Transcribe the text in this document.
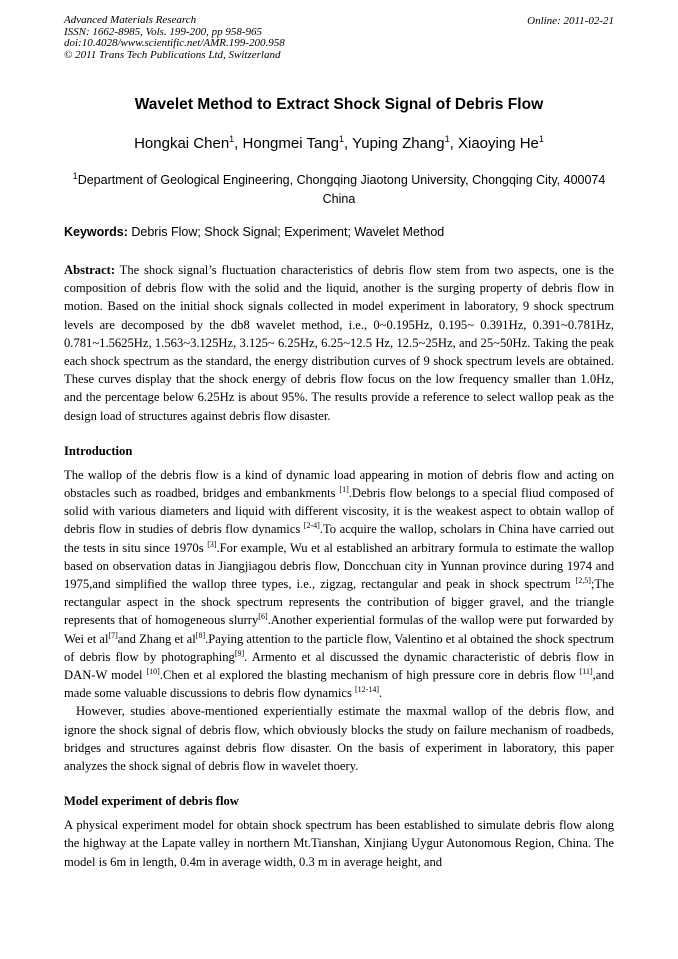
Advanced Materials Research
ISSN: 1662-8985, Vols. 199-200, pp 958-965
doi:10.4028/www.scientific.net/AMR.199-200.958
© 2011 Trans Tech Publications Ltd, Switzerland
Online: 2011-02-21
Wavelet Method to Extract Shock Signal of Debris Flow
Hongkai Chen$^1$, Hongmei Tang$^1$, Yuping Zhang$^1$, Xiaoying He$^1$
$^1$Department of Geological Engineering, Chongqing Jiaotong University, Chongqing City, 400074 China
Keywords: Debris Flow; Shock Signal; Experiment; Wavelet Method

Abstract: The shock signal’s fluctuation characteristics of debris flow stem from two aspects, one is the composition of debris flow with the solid and the liquid, another is the surging property of debris flow in motion. Based on the initial shock signals collected in model experiment in laboratory, 9 shock spectrum levels are decomposed by the db8 wavelet method, i.e., 0~0.195Hz, 0.195~ 0.391Hz, 0.391~0.781Hz, 0.781~1.5625Hz, 1.563~3.125Hz, 3.125~ 6.25Hz, 6.25~12.5 Hz, 12.5~25Hz, and 25~50Hz. Taking the peak each shock spectrum as the standard, the energy distribution curves of 9 shock spectrum levels are obtained. These curves display that the shock energy of debris flow focus on the low frequency smaller than 1.0Hz, and the percentage below 6.25Hz is about 95%. The results provide a reference to select wallop peak as the design load of structures against debris flow disaster.

Introduction

The wallop of the debris flow is a kind of dynamic load appearing in motion of debris flow and acting on obstacles such as roadbed, bridges and embankments [1].Debris flow belongs to a special fliud composed of solid with various diameters and liquid with different viscosity, it is the weakest aspect to obtain wallop of debris flow in studies of debris flow dynamics [2-4].To acquire the wallop, scholars in China have carried out the tests in situ since 1970s [3].For example, Wu et al established an arbitrary formula to estimate the wallop based on observation datas in Jiangjiagou debris flow, Doncchuan city in Yunnan province during 1974 and 1975,and simplified the wallop three types, i.e., zigzag, rectangular and peak in shock spectrum [2,5];The rectangular aspect in the shock spectrum represents the contribution of bigger gravel, and the triangle represents that of homogeneous slurry[6].Another experiential formulas of the wallop were put forwarded by Wei et al[7]and Zhang et al[8].Paying attention to the particle flow, Valentino et al obtained the shock spectrum of debris flow by photographing[9]. Armento et al discussed the dynamic characteristic of debris flow in DAN-W model [10].Chen et al explored the blasting mechanism of high pressure core in debris flow [11],and made some valuable discussions to debris flow dynamics [12-14].

However, studies above-mentioned experientially estimate the maxmal wallop of the debris flow, and ignore the shock signal of debris flow, which obviously blocks the study on failure mechanism of roadbeds, bridges and structures against debris flow disaster. On the basis of experiment in laboratory, this paper analyzes the shock signal of debris flow in wavelet thoery.

Model experiment of debris flow

A physical experiment model for obtain shock spectrum has been established to simulate debris flow along the highway at the Lapate valley in northern Mt.Tianshan, Xinjiang Uygur Autonomous Region, China. The model is 6m in length, 0.4m in average width, 0.3 m in average height, and
